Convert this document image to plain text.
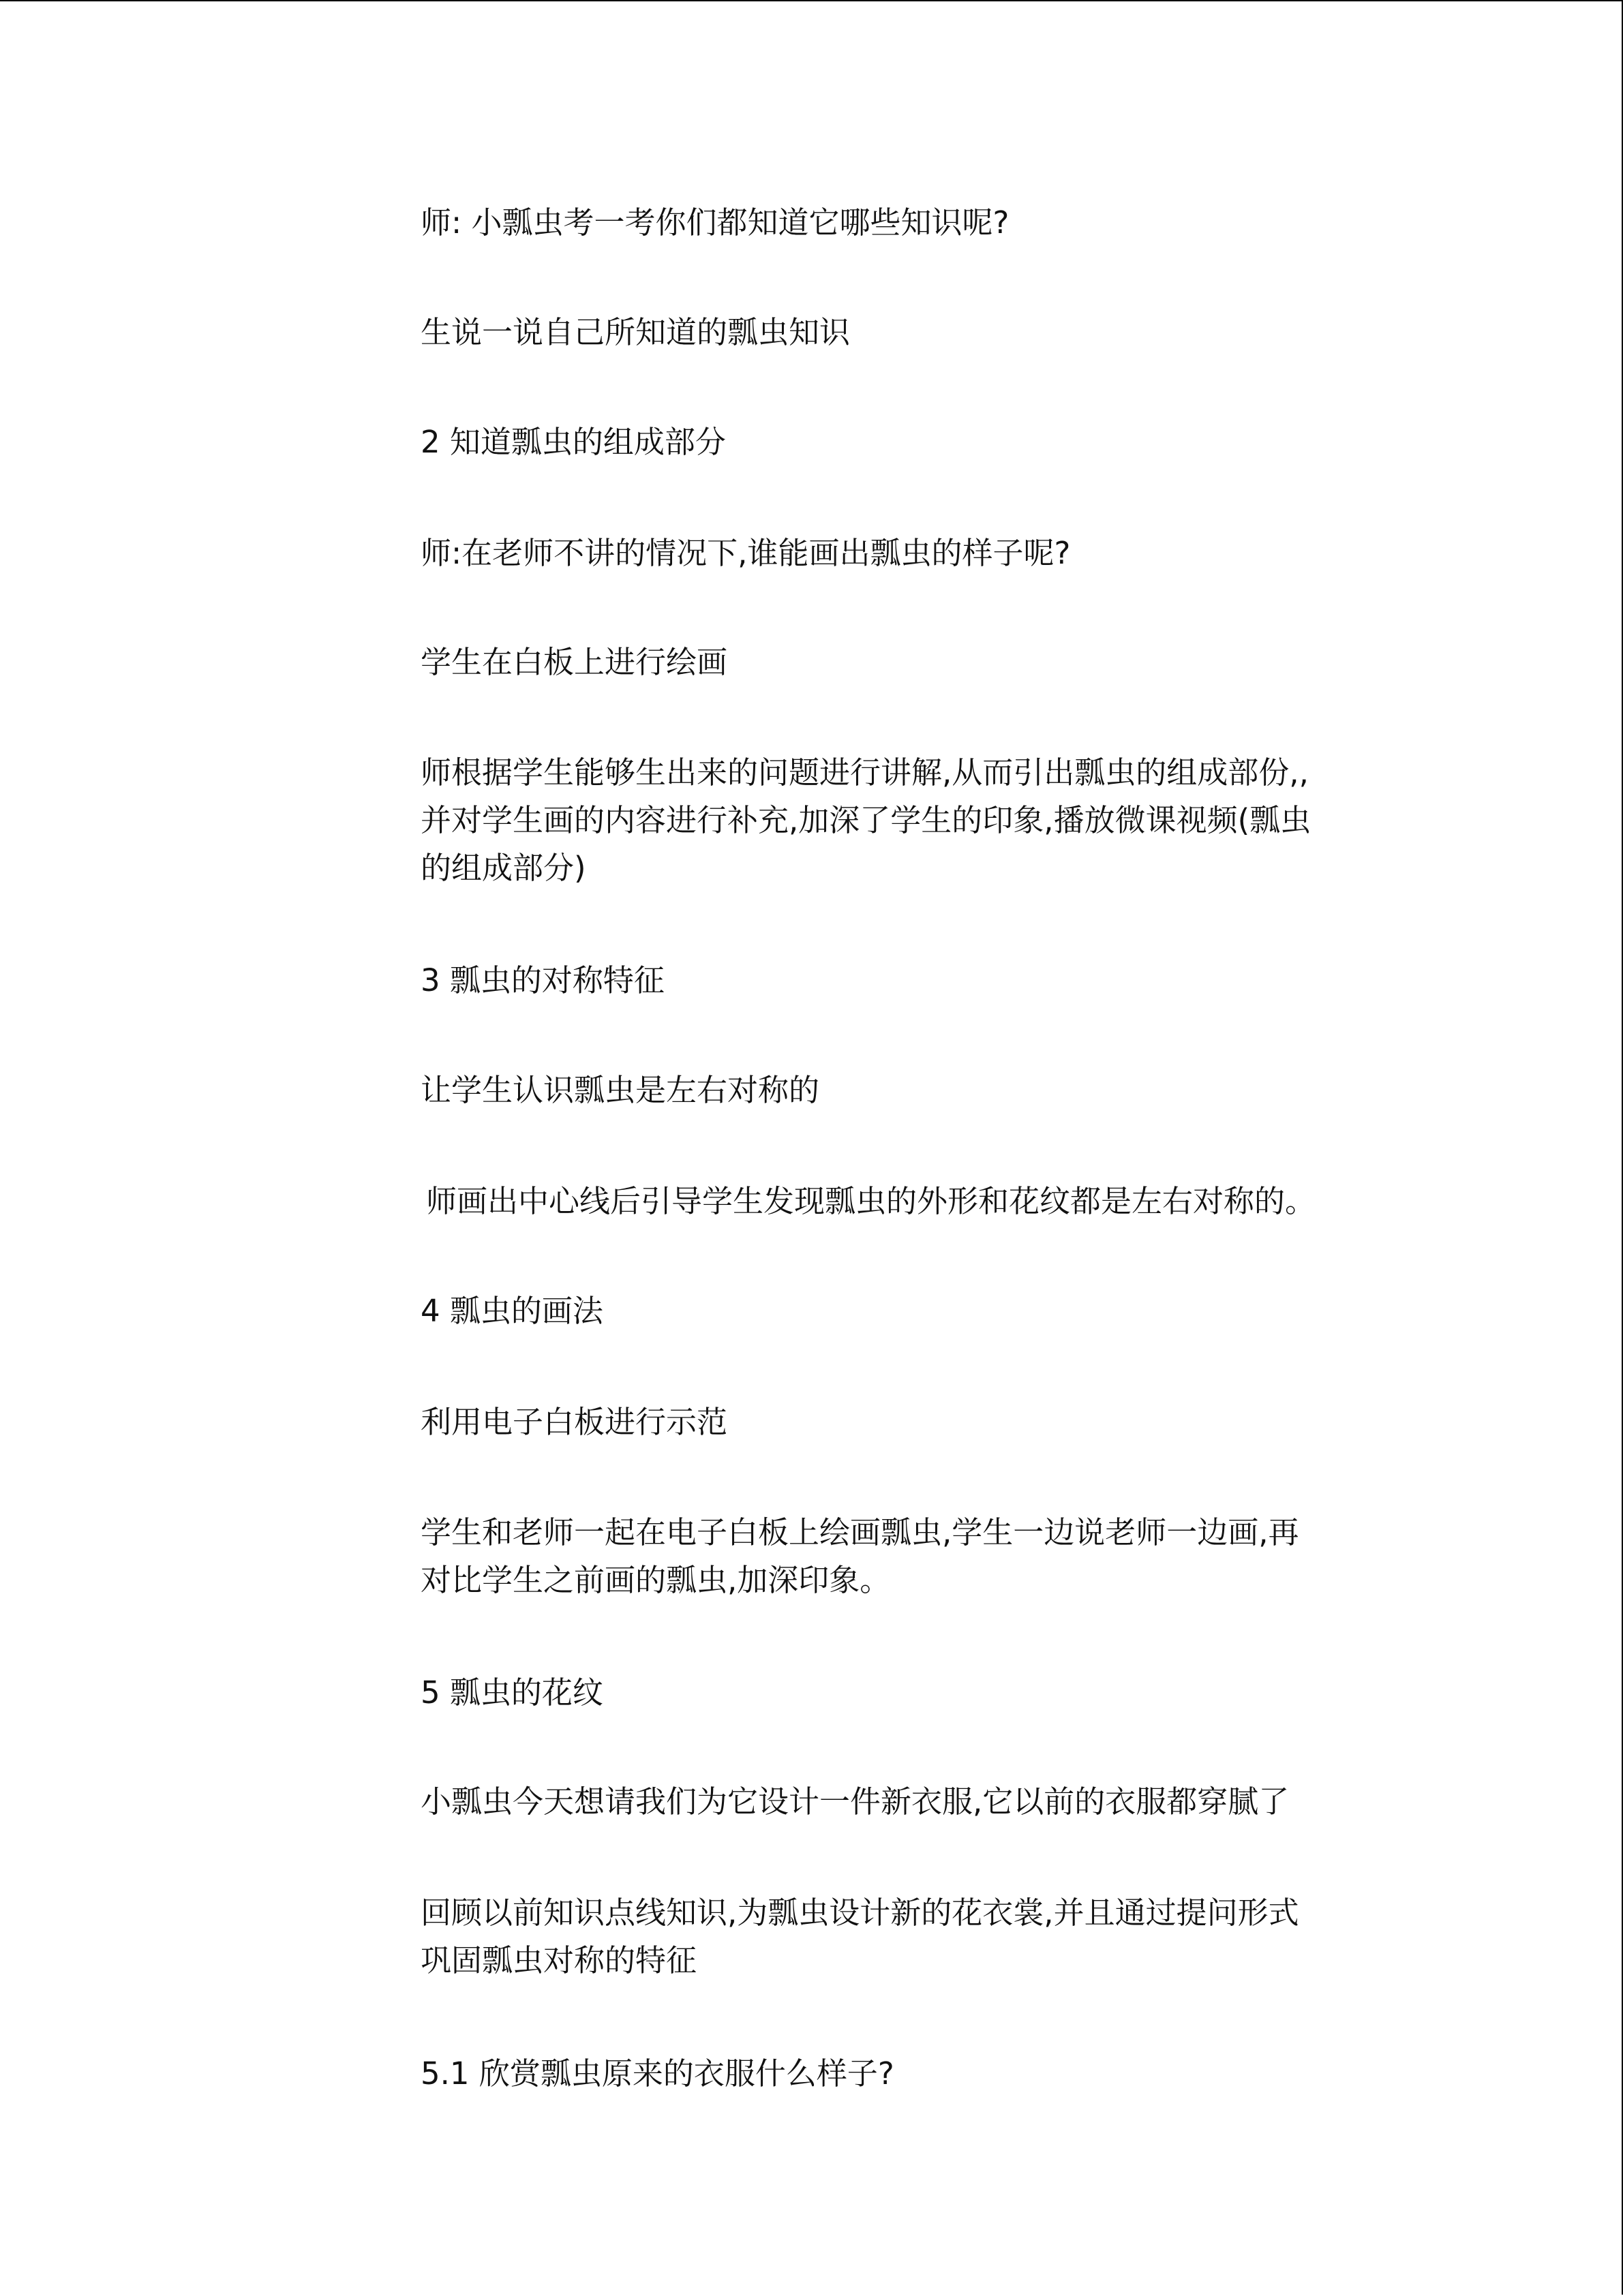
师: 小瓢虫考一考你们都知道它哪些知识呢?

生说一说自己所知道的瓢虫知识

2 知道瓢虫的组成部分

师:在老师不讲的情况下,谁能画出瓢虫的样子呢?

学生在白板上进行绘画

师根据学生能够生出来的问题进行讲解,从而引出瓢虫的组成部份,,
并对学生画的内容进行补充,加深了学生的印象,播放微课视频(瓢虫
的组成部分)

3 瓢虫的对称特征

让学生认识瓢虫是左右对称的

师画出中心线后引导学生发现瓢虫的外形和花纹都是左右对称的。

4 瓢虫的画法

利用电子白板进行示范

学生和老师一起在电子白板上绘画瓢虫,学生一边说老师一边画,再
对比学生之前画的瓢虫,加深印象。

5 瓢虫的花纹

小瓢虫今天想请我们为它设计一件新衣服,它以前的衣服都穿腻了

回顾以前知识点线知识,为瓢虫设计新的花衣裳,并且通过提问形式
巩固瓢虫对称的特征

5.1 欣赏瓢虫原来的衣服什么样子?
